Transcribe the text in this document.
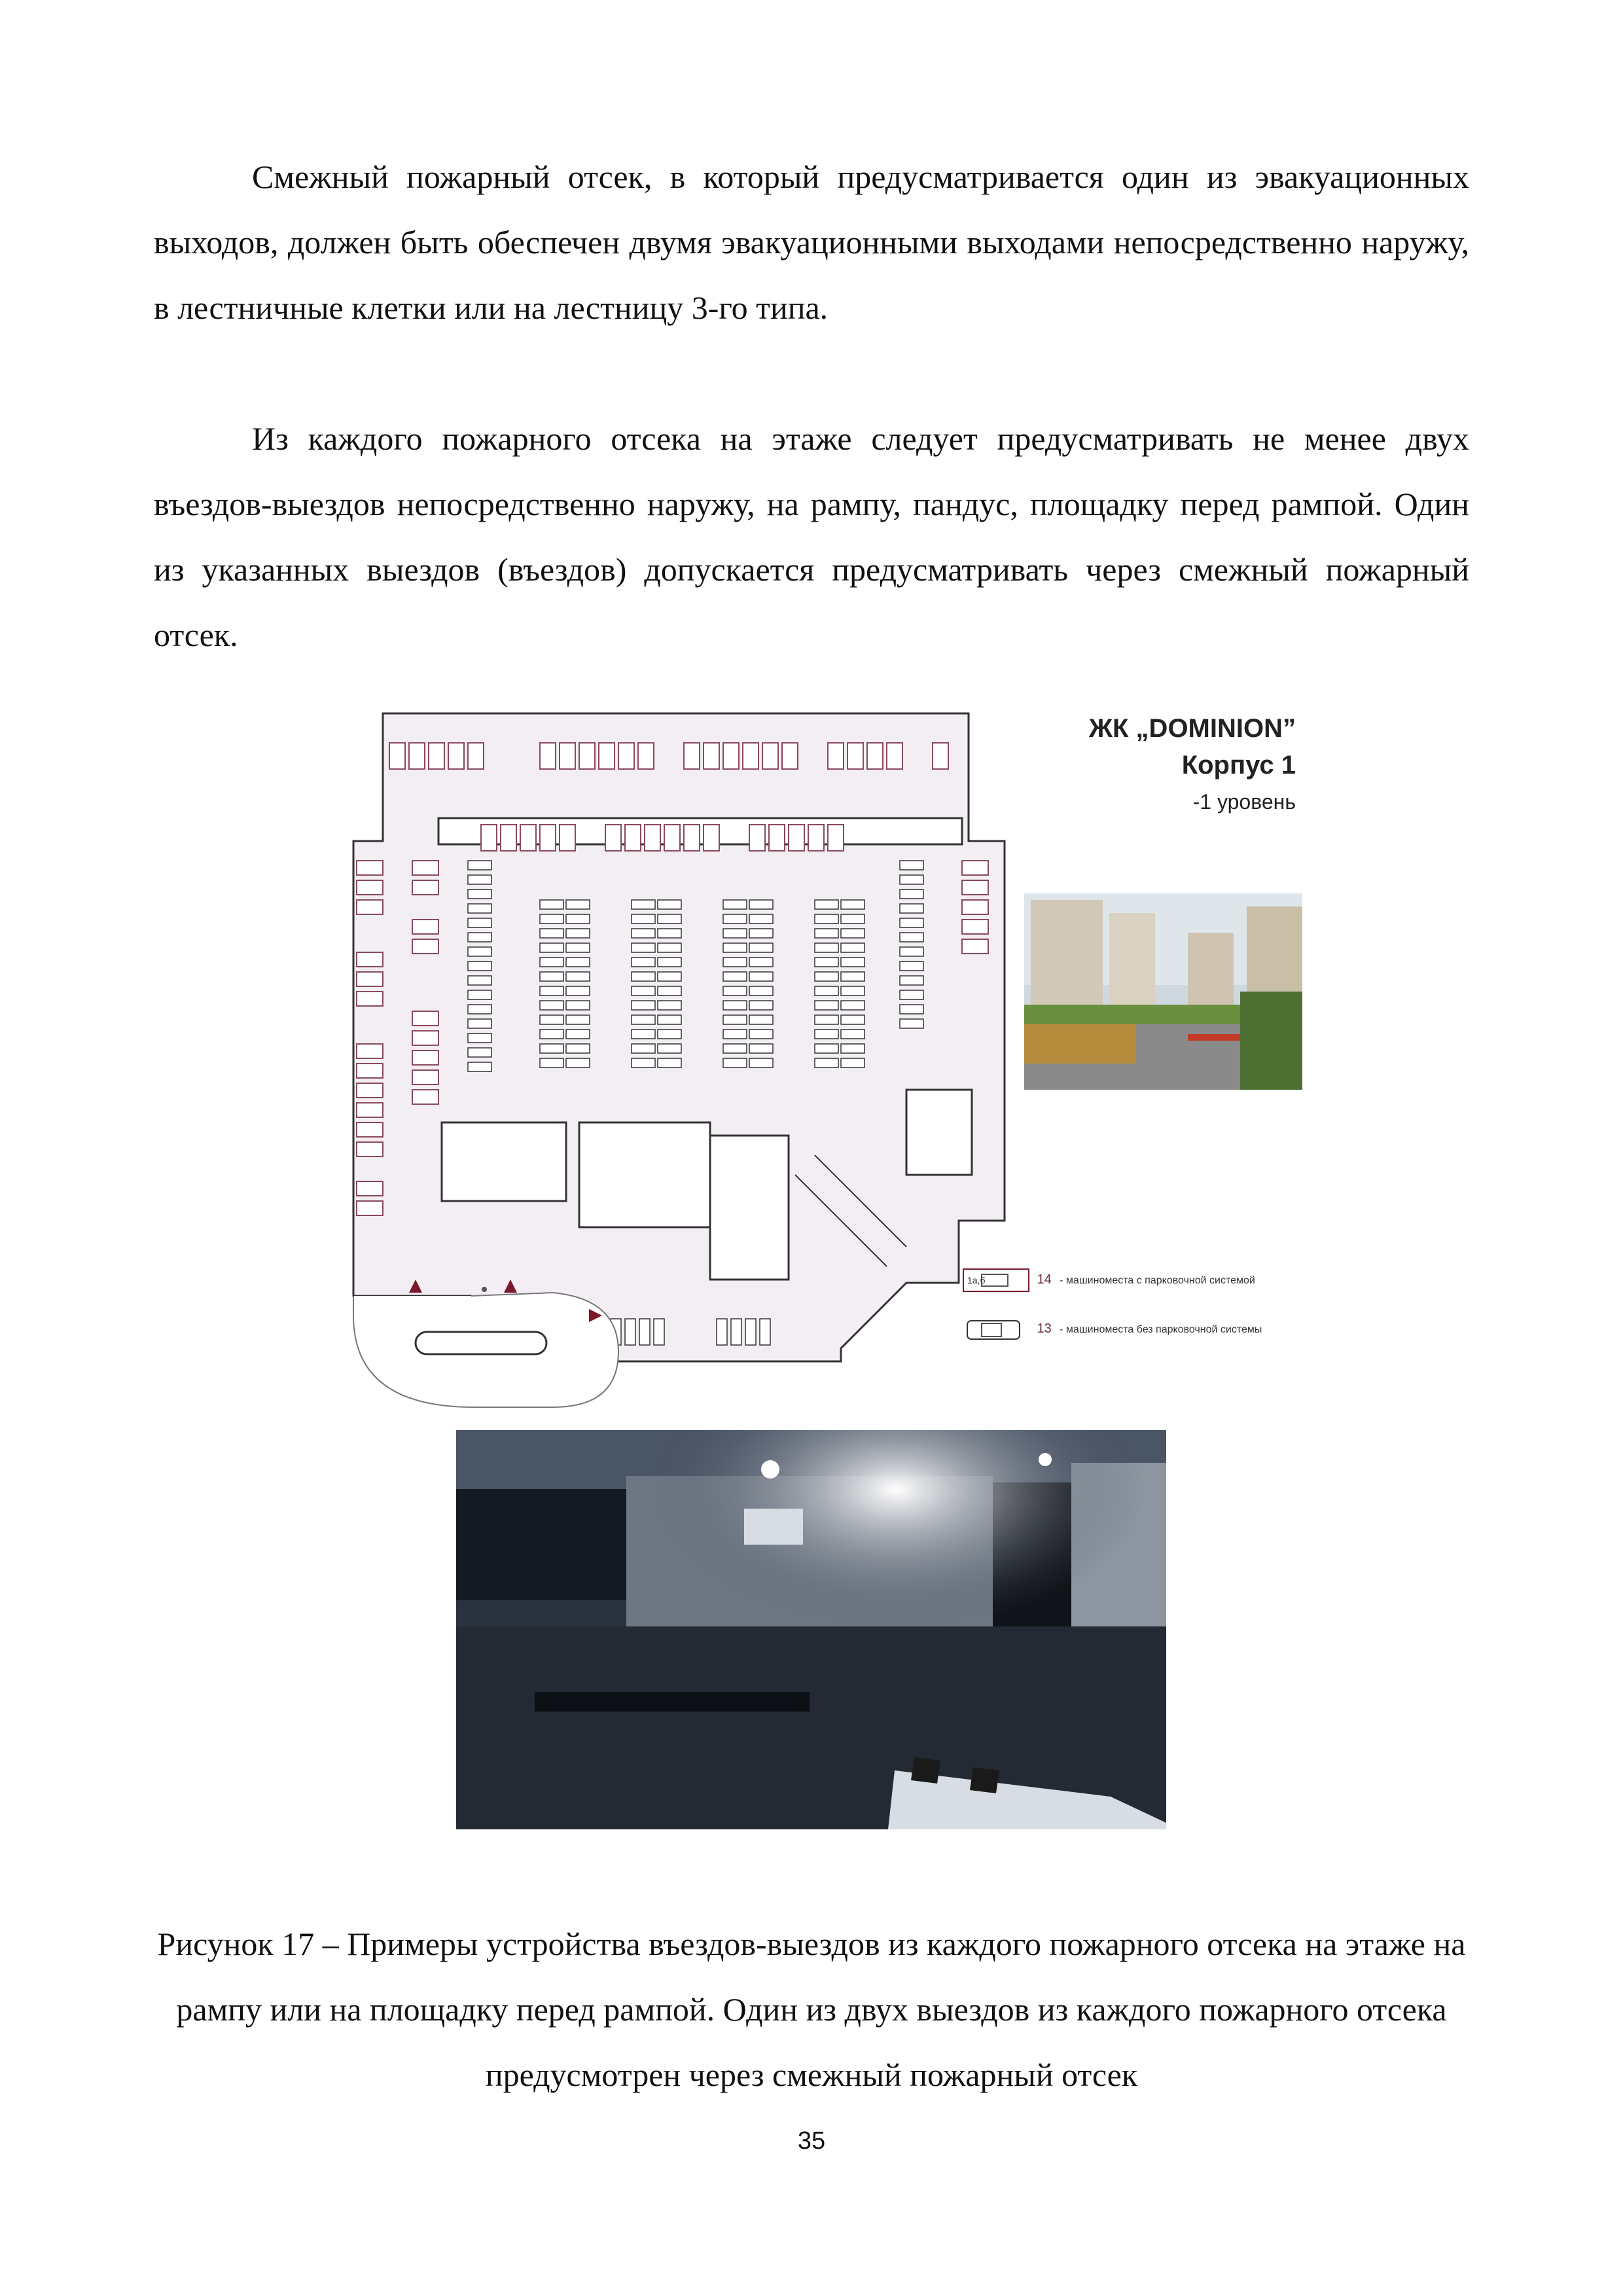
Смежный пожарный отсек, в который предусматривается один из эвакуационных выходов, должен быть обеспечен двумя эвакуационными выходами непосредственно наружу, в лестничные клетки или на лестницу 3-го типа.

Из каждого пожарного отсека на этаже следует предусматривать не менее двух въездов-выездов непосредственно наружу, на рампу, пандус, площадку перед рампой. Один из указанных выездов (въездов) допускается предусматривать через смежный пожарный отсек.

ЖК „DOMINION”
Корпус 1
-1 уровень
1а,б	14 - машиноместа с парковочной системой
13 - машиноместа без парковочной системы

Рисунок 17 – Примеры устройства въездов-выездов из каждого пожарного отсека на этаже на рампу или на площадку перед рампой. Один из двух выездов из каждого пожарного отсека предусмотрен через смежный пожарный отсек

35
